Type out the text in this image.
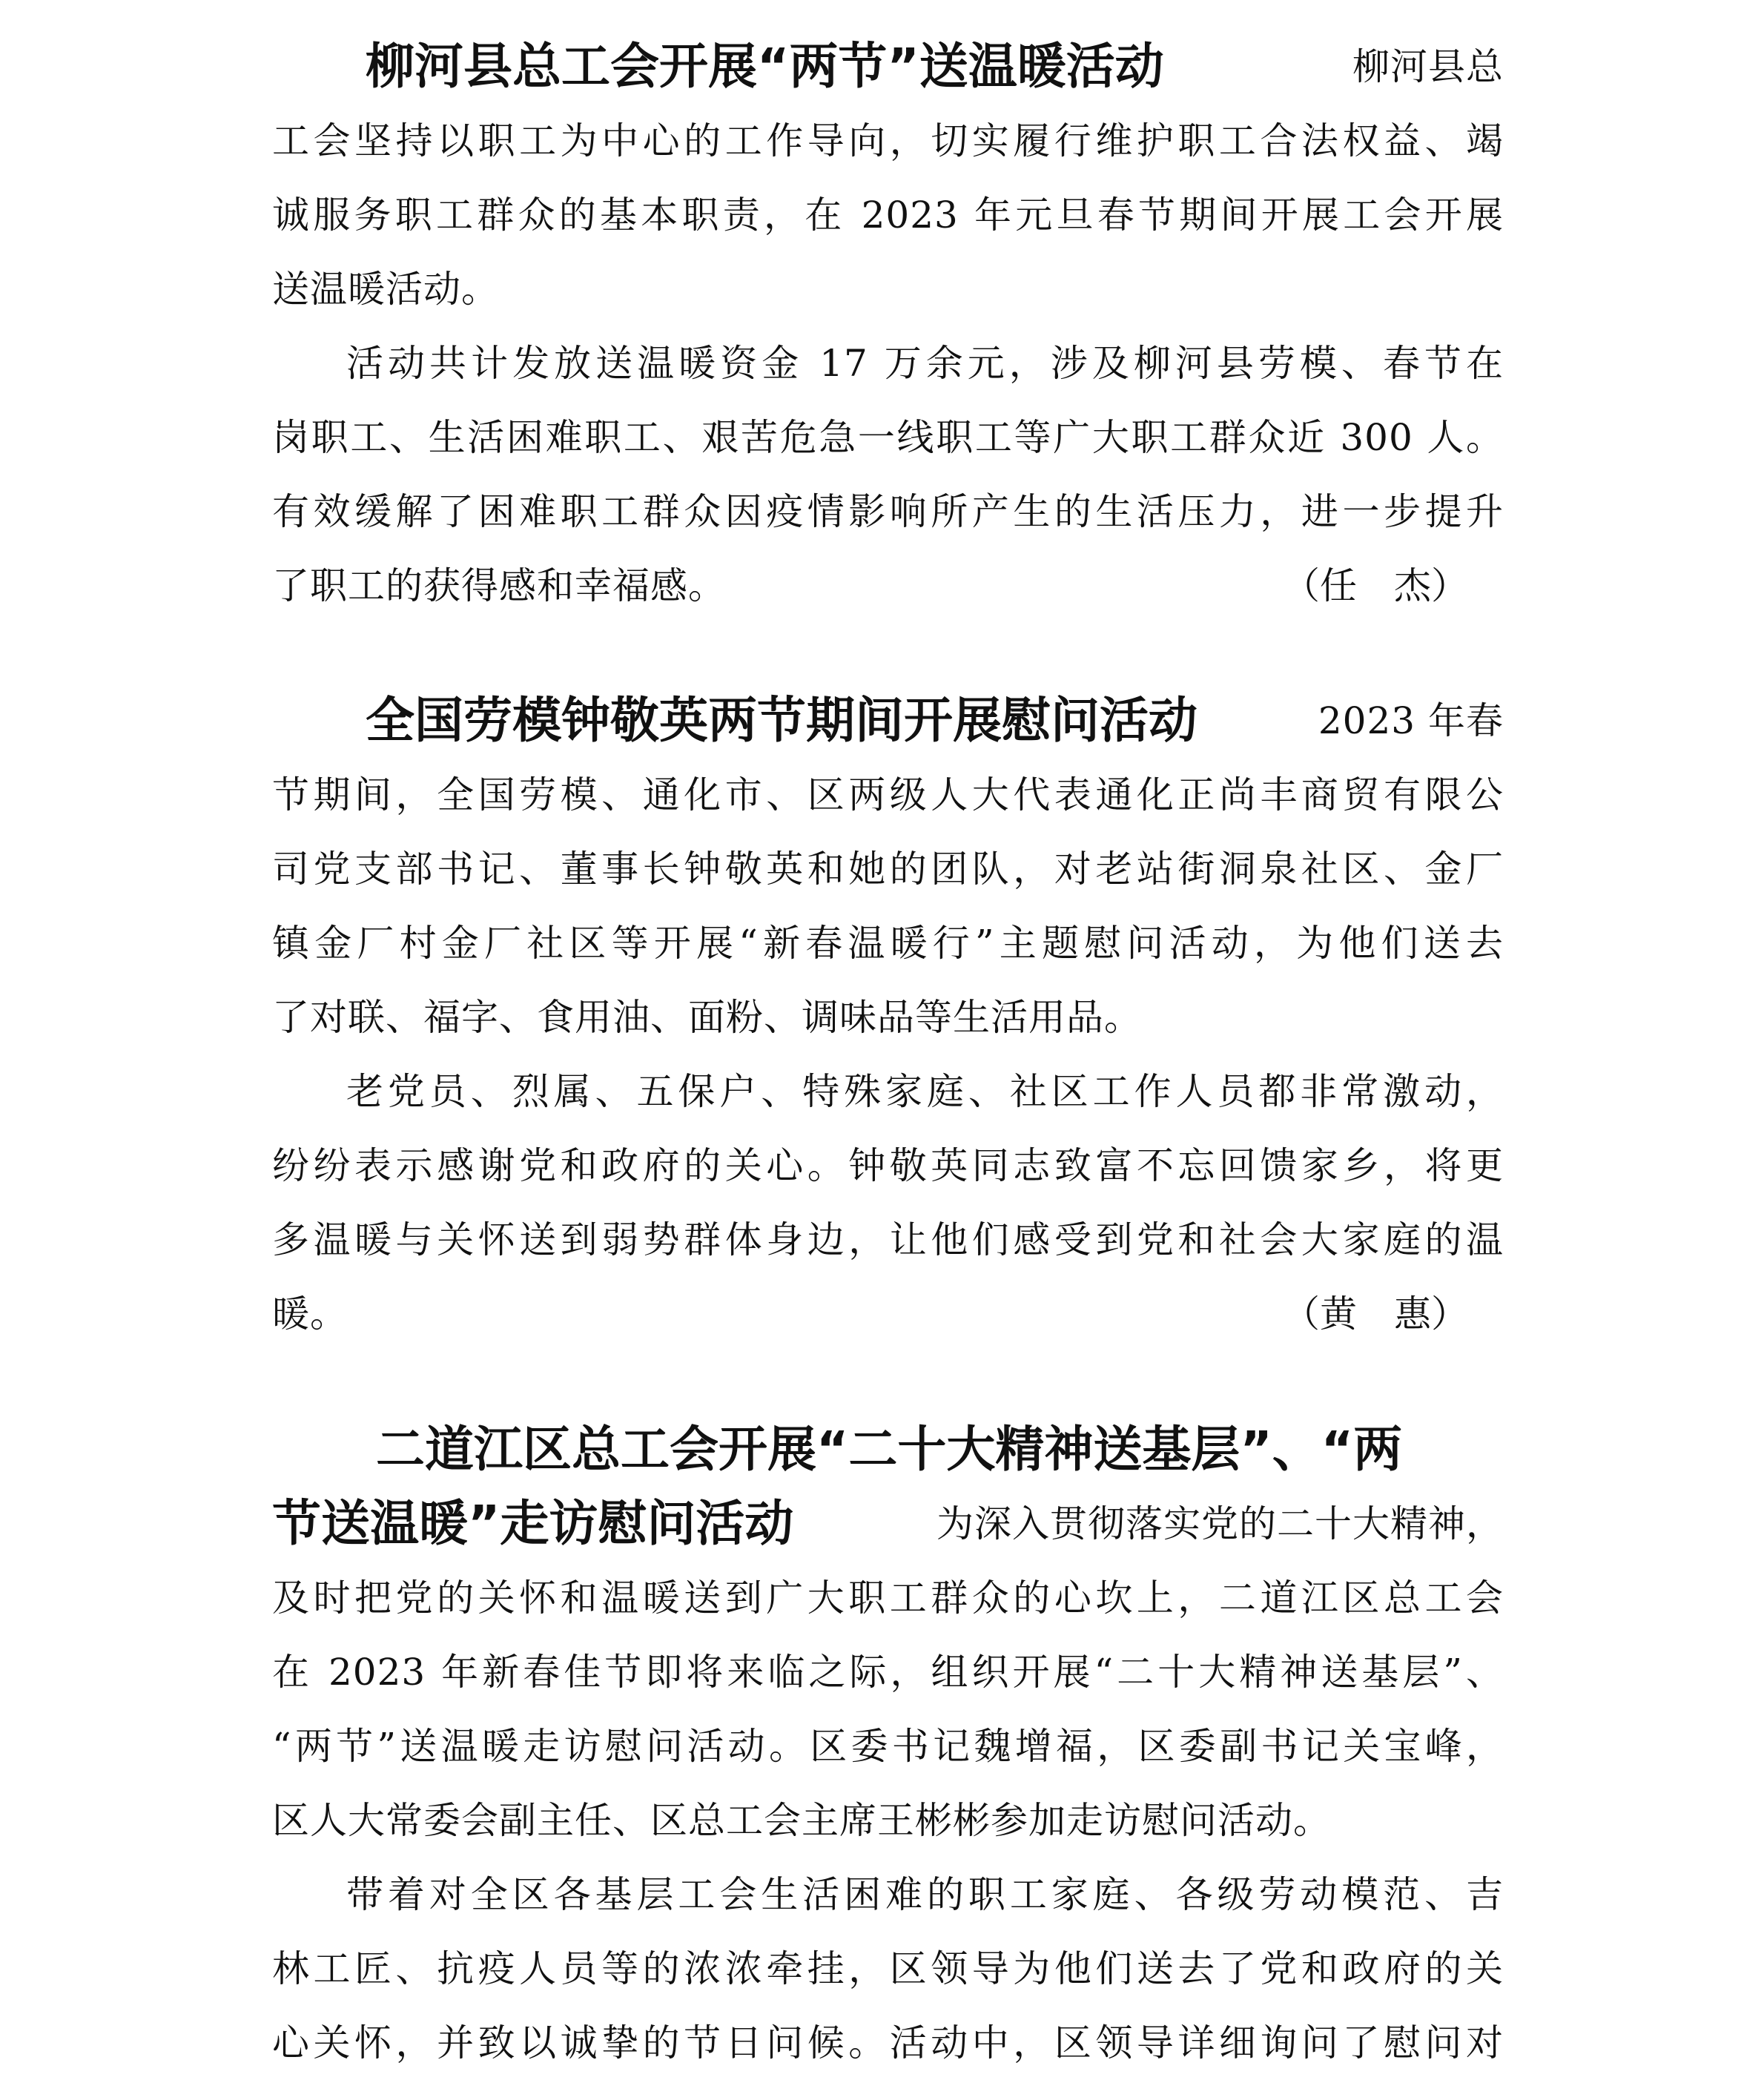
柳河县总工会开展“两节”送温暖活动	柳河县总
工会坚持以职工为中心的工作导向，切实履行维护职工合法权益、竭
诚服务职工群众的基本职责，在 2023 年元旦春节期间开展工会开展
送温暖活动。
活动共计发放送温暖资金 17 万余元，涉及柳河县劳模、春节在
岗职工、生活困难职工、艰苦危急一线职工等广大职工群众近 300 人。
有效缓解了困难职工群众因疫情影响所产生的生活压力，进一步提升
了职工的获得感和幸福感。	（任 杰）
全国劳模钟敬英两节期间开展慰问活动	2023 年春
节期间，全国劳模、通化市、区两级人大代表通化正尚丰商贸有限公
司党支部书记、董事长钟敬英和她的团队，对老站街洞泉社区、金厂
镇金厂村金厂社区等开展“新春温暖行”主题慰问活动，为他们送去
了对联、福字、食用油、面粉、调味品等生活用品。
老党员、烈属、五保户、特殊家庭、社区工作人员都非常激动，
纷纷表示感谢党和政府的关心。钟敬英同志致富不忘回馈家乡，将更
多温暖与关怀送到弱势群体身边，让他们感受到党和社会大家庭的温
暖。	（黄 惠）
二道江区总工会开展“二十大精神送基层”、“两
节送温暖”走访慰问活动	为深入贯彻落实党的二十大精神，
及时把党的关怀和温暖送到广大职工群众的心坎上，二道江区总工会
在 2023 年新春佳节即将来临之际，组织开展“二十大精神送基层”、
“两节”送温暖走访慰问活动。区委书记魏增福，区委副书记关宝峰，
区人大常委会副主任、区总工会主席王彬彬参加走访慰问活动。
带着对全区各基层工会生活困难的职工家庭、各级劳动模范、吉
林工匠、抗疫人员等的浓浓牵挂，区领导为他们送去了党和政府的关
心关怀，并致以诚挚的节日问候。活动中，区领导详细询问了慰问对
